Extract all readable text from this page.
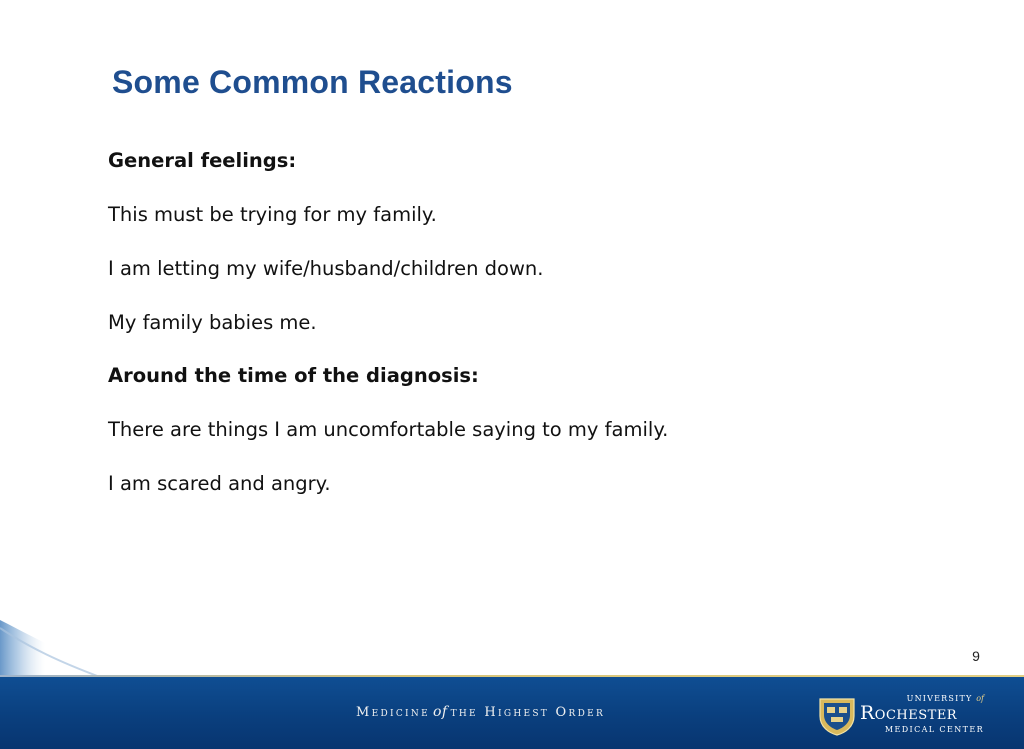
Some Common Reactions
General feelings:
This must be trying for my family.
I am letting my wife/husband/children down.
My family babies me.
Around the time of the diagnosis:
There are things I am uncomfortable saying to my family.
I am scared and angry.
9
Medicine of the Highest Order
UNIVERSITY of
Rochester
MEDICAL CENTER
